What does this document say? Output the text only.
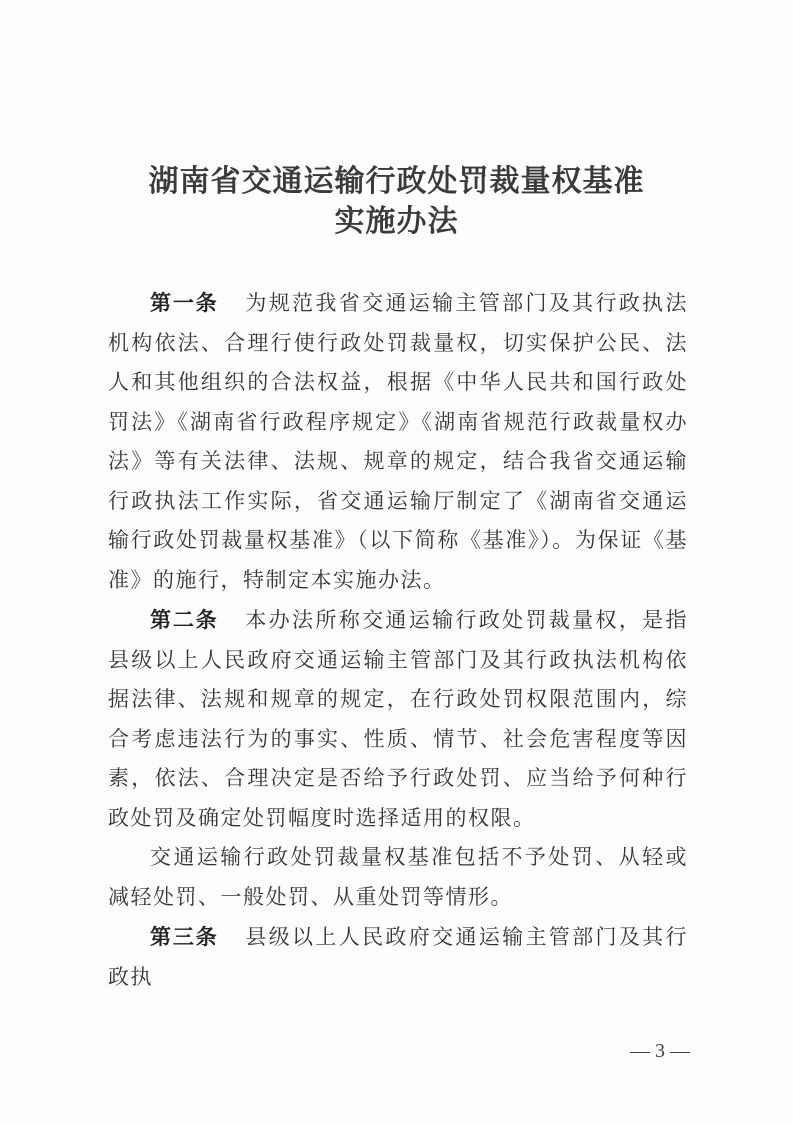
湖南省交通运输行政处罚裁量权基准
实施办法

第一条 为规范我省交通运输主管部门及其行政执法机构依法、合理行使行政处罚裁量权，切实保护公民、法人和其他组织的合法权益，根据《中华人民共和国行政处罚法》《湖南省行政程序规定》《湖南省规范行政裁量权办法》等有关法律、法规、规章的规定，结合我省交通运输行政执法工作实际，省交通运输厅制定了《湖南省交通运输行政处罚裁量权基准》（以下简称《基准》）。为保证《基准》的施行，特制定本实施办法。

第二条 本办法所称交通运输行政处罚裁量权，是指县级以上人民政府交通运输主管部门及其行政执法机构依据法律、法规和规章的规定，在行政处罚权限范围内，综合考虑违法行为的事实、性质、情节、社会危害程度等因素，依法、合理决定是否给予行政处罚、应当给予何种行政处罚及确定处罚幅度时选择适用的权限。

交通运输行政处罚裁量权基准包括不予处罚、从轻或减轻处罚、一般处罚、从重处罚等情形。

第三条 县级以上人民政府交通运输主管部门及其行政执

— 3 —
